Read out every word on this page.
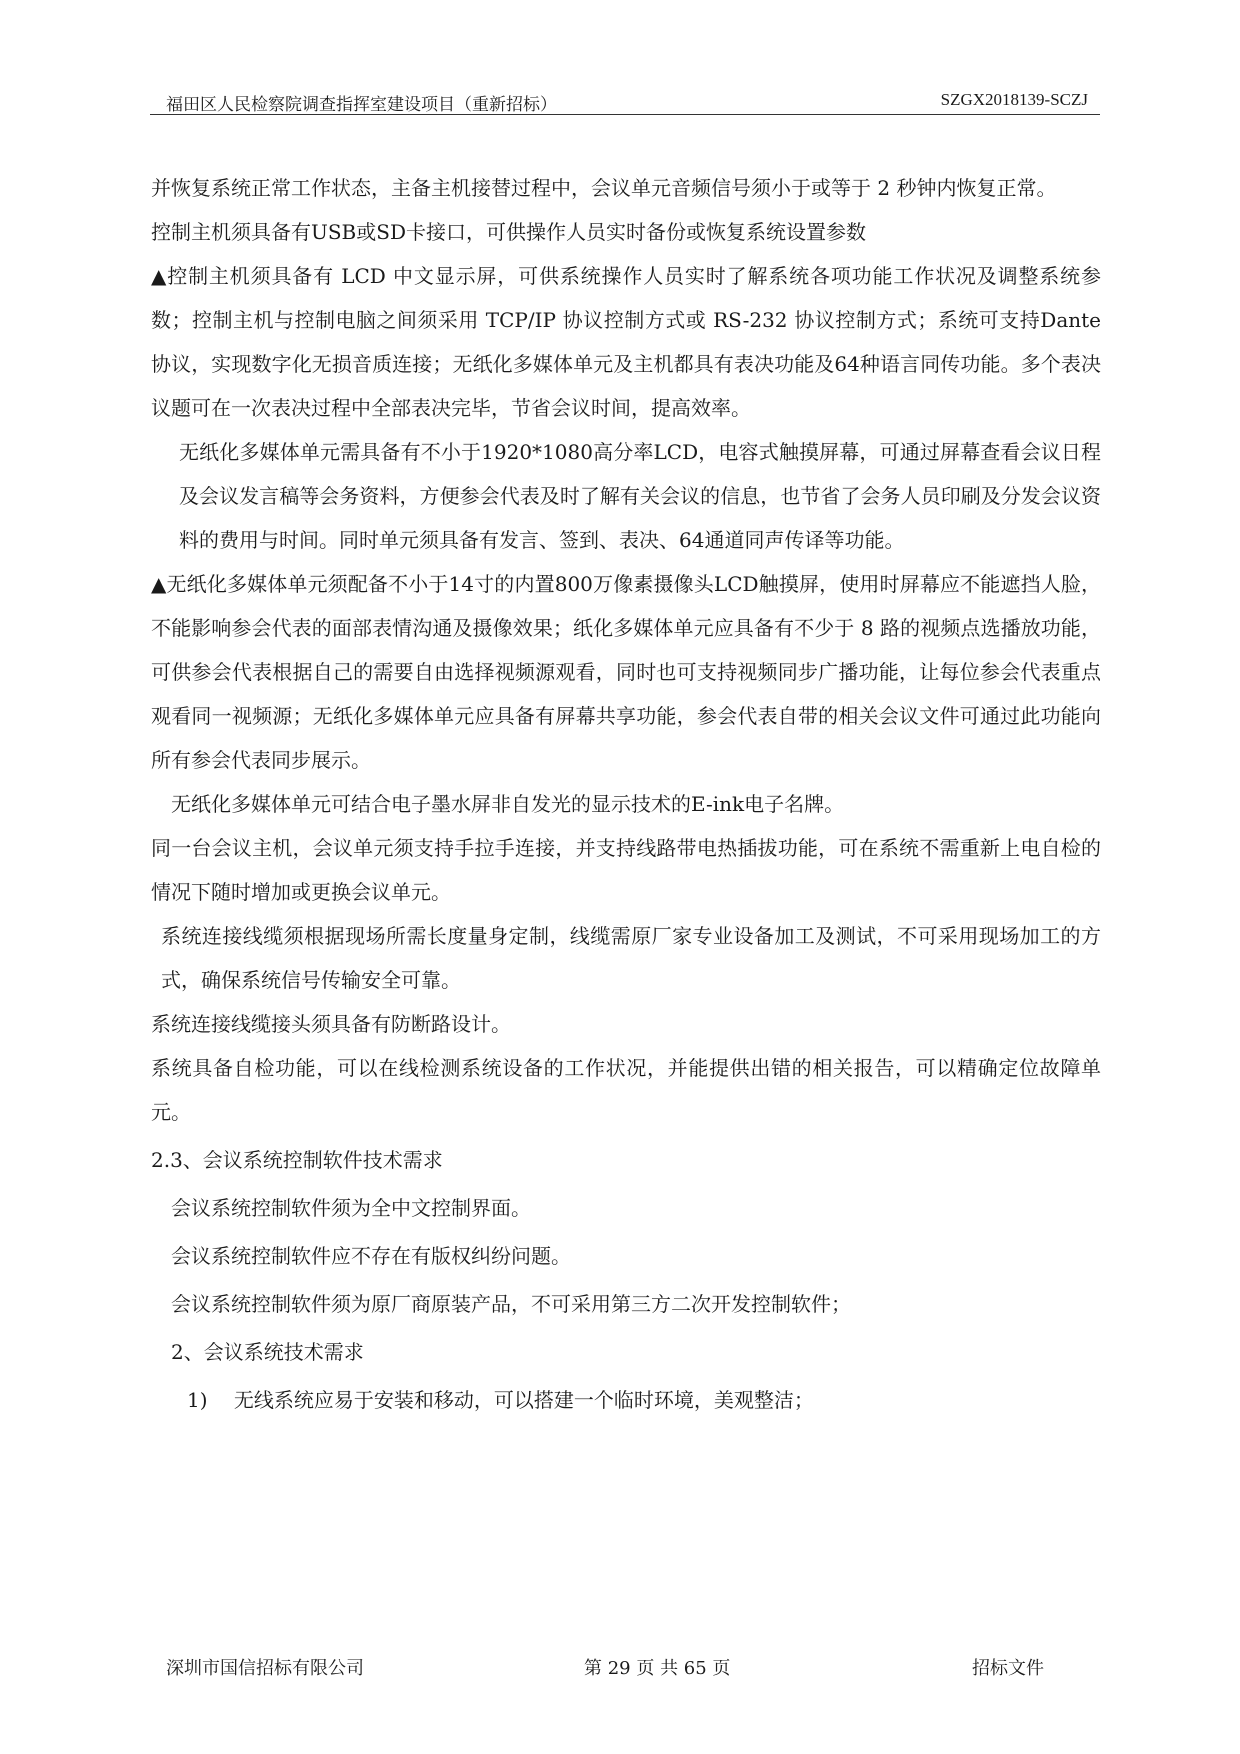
福田区人民检察院调查指挥室建设项目（重新招标）	SZGX2018139-SCZJ

并恢复系统正常工作状态，主备主机接替过程中，会议单元音频信号须小于或等于 2 秒钟内恢复正常。

控制主机须具备有USB或SD卡接口，可供操作人员实时备份或恢复系统设置参数

▲控制主机须具备有 LCD 中文显示屏，可供系统操作人员实时了解系统各项功能工作状况及调整系统参数；控制主机与控制电脑之间须采用 TCP/IP 协议控制方式或 RS-232 协议控制方式；系统可支持Dante协议，实现数字化无损音质连接；无纸化多媒体单元及主机都具有表决功能及64种语言同传功能。多个表决议题可在一次表决过程中全部表决完毕，节省会议时间，提高效率。

无纸化多媒体单元需具备有不小于1920*1080高分率LCD，电容式触摸屏幕，可通过屏幕查看会议日程及会议发言稿等会务资料，方便参会代表及时了解有关会议的信息，也节省了会务人员印刷及分发会议资料的费用与时间。同时单元须具备有发言、签到、表决、64通道同声传译等功能。

▲无纸化多媒体单元须配备不小于14寸的内置800万像素摄像头LCD触摸屏，使用时屏幕应不能遮挡人脸，不能影响参会代表的面部表情沟通及摄像效果；纸化多媒体单元应具备有不少于 8 路的视频点选播放功能，可供参会代表根据自己的需要自由选择视频源观看，同时也可支持视频同步广播功能，让每位参会代表重点观看同一视频源；无纸化多媒体单元应具备有屏幕共享功能，参会代表自带的相关会议文件可通过此功能向所有参会代表同步展示。

无纸化多媒体单元可结合电子墨水屏非自发光的显示技术的E-ink电子名牌。

同一台会议主机，会议单元须支持手拉手连接，并支持线路带电热插拔功能，可在系统不需重新上电自检的情况下随时增加或更换会议单元。

系统连接线缆须根据现场所需长度量身定制，线缆需原厂家专业设备加工及测试，不可采用现场加工的方式，确保系统信号传输安全可靠。

系统连接线缆接头须具备有防断路设计。

系统具备自检功能，可以在线检测系统设备的工作状况，并能提供出错的相关报告，可以精确定位故障单元。

2.3、会议系统控制软件技术需求

会议系统控制软件须为全中文控制界面。

会议系统控制软件应不存在有版权纠纷问题。

会议系统控制软件须为原厂商原装产品，不可采用第三方二次开发控制软件；

2、会议系统技术需求

1)　 无线系统应易于安装和移动，可以搭建一个临时环境，美观整洁；

深圳市国信招标有限公司	第 29 页 共 65 页	招标文件
